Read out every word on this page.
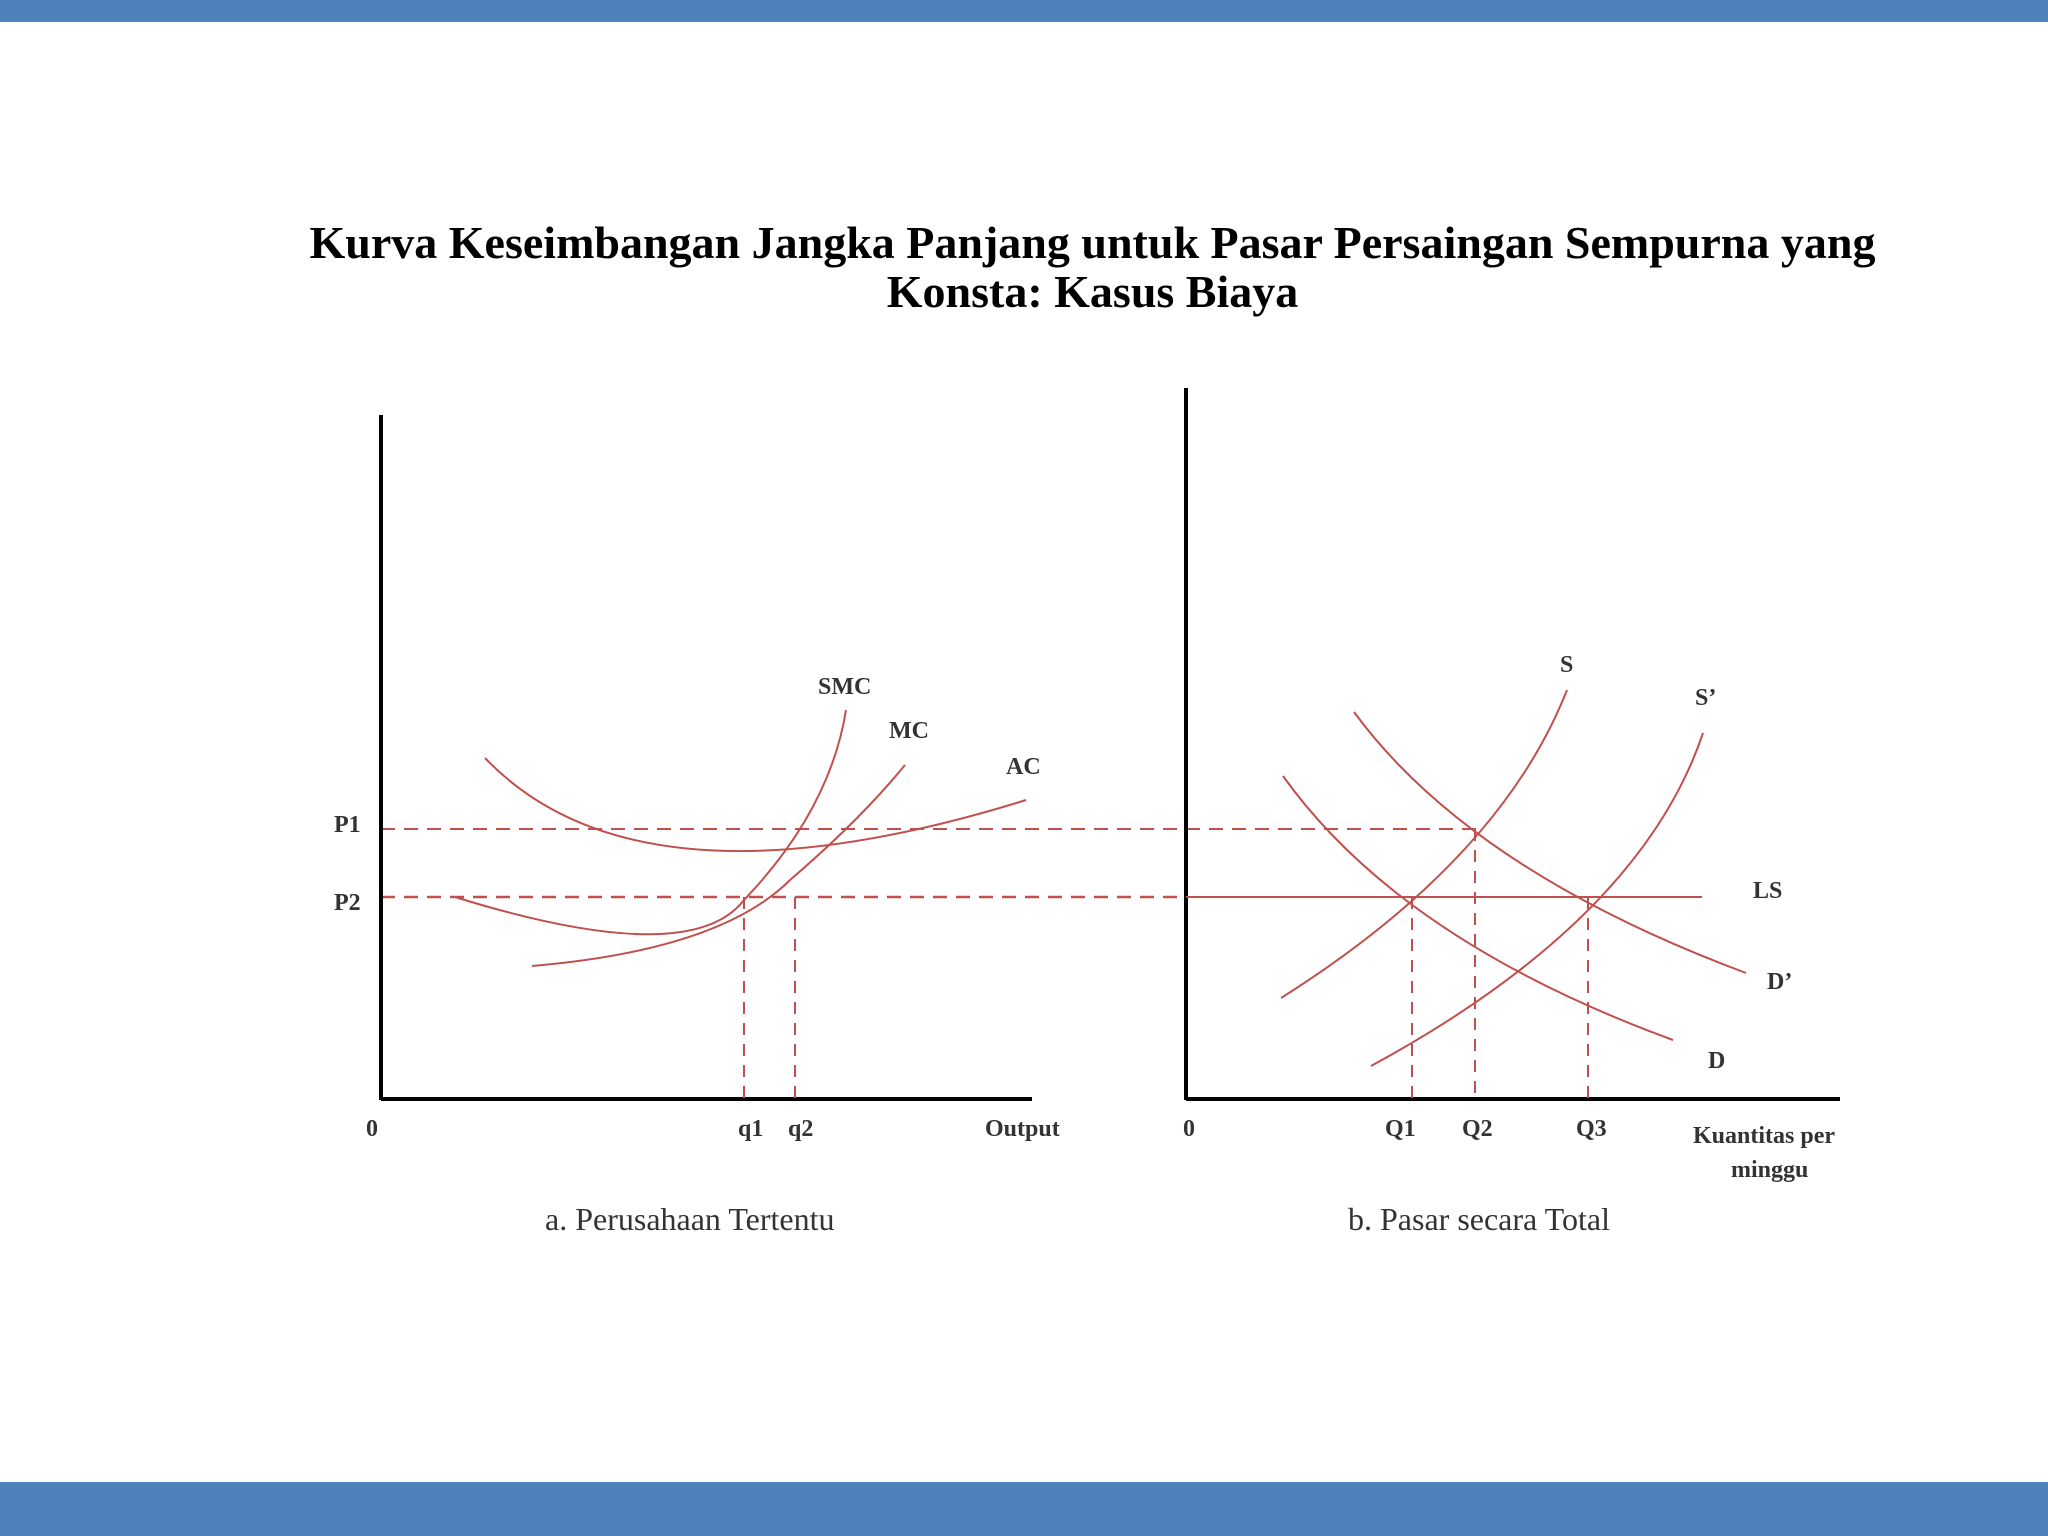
Kurva Keseimbangan Jangka Panjang untuk Pasar Persaingan Sempurna yang
Konsta: Kasus Biaya
P1
P2
0	q1 q2	Output
SMC
MC
AC
a. Perusahaan Tertentu
0	Q1 Q2	Q3	Kuantitas per
minggu
S
S’
LS
D’
D
b. Pasar secara Total
